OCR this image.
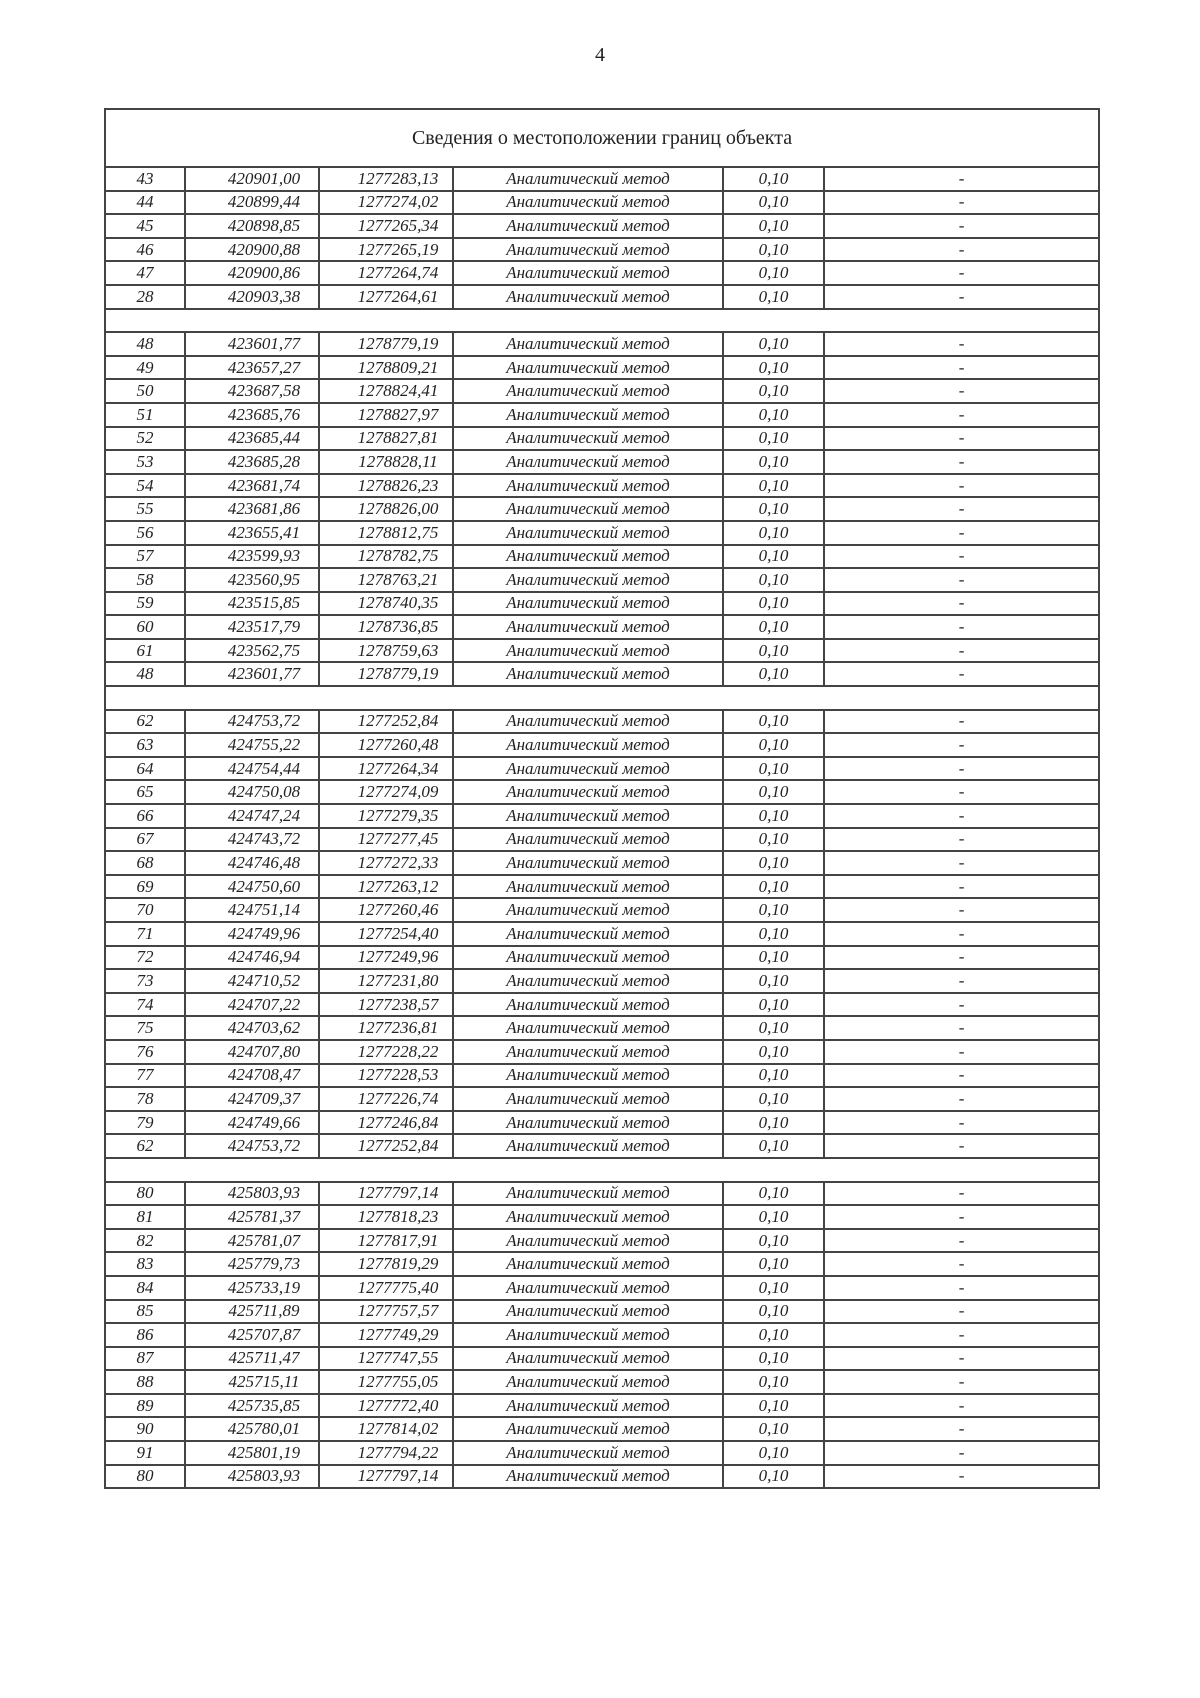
4
Сведения о местоположении границ объекта					
43	420901,00	1277283,13	Аналитический метод	0,10	-
44	420899,44	1277274,02	Аналитический метод	0,10	-
45	420898,85	1277265,34	Аналитический метод	0,10	-
46	420900,88	1277265,19	Аналитический метод	0,10	-
47	420900,86	1277264,74	Аналитический метод	0,10	-
28	420903,38	1277264,61	Аналитический метод	0,10	-

48	423601,77	1278779,19	Аналитический метод	0,10	-
49	423657,27	1278809,21	Аналитический метод	0,10	-
50	423687,58	1278824,41	Аналитический метод	0,10	-
51	423685,76	1278827,97	Аналитический метод	0,10	-
52	423685,44	1278827,81	Аналитический метод	0,10	-
53	423685,28	1278828,11	Аналитический метод	0,10	-
54	423681,74	1278826,23	Аналитический метод	0,10	-
55	423681,86	1278826,00	Аналитический метод	0,10	-
56	423655,41	1278812,75	Аналитический метод	0,10	-
57	423599,93	1278782,75	Аналитический метод	0,10	-
58	423560,95	1278763,21	Аналитический метод	0,10	-
59	423515,85	1278740,35	Аналитический метод	0,10	-
60	423517,79	1278736,85	Аналитический метод	0,10	-
61	423562,75	1278759,63	Аналитический метод	0,10	-
48	423601,77	1278779,19	Аналитический метод	0,10	-

62	424753,72	1277252,84	Аналитический метод	0,10	-
63	424755,22	1277260,48	Аналитический метод	0,10	-
64	424754,44	1277264,34	Аналитический метод	0,10	-
65	424750,08	1277274,09	Аналитический метод	0,10	-
66	424747,24	1277279,35	Аналитический метод	0,10	-
67	424743,72	1277277,45	Аналитический метод	0,10	-
68	424746,48	1277272,33	Аналитический метод	0,10	-
69	424750,60	1277263,12	Аналитический метод	0,10	-
70	424751,14	1277260,46	Аналитический метод	0,10	-
71	424749,96	1277254,40	Аналитический метод	0,10	-
72	424746,94	1277249,96	Аналитический метод	0,10	-
73	424710,52	1277231,80	Аналитический метод	0,10	-
74	424707,22	1277238,57	Аналитический метод	0,10	-
75	424703,62	1277236,81	Аналитический метод	0,10	-
76	424707,80	1277228,22	Аналитический метод	0,10	-
77	424708,47	1277228,53	Аналитический метод	0,10	-
78	424709,37	1277226,74	Аналитический метод	0,10	-
79	424749,66	1277246,84	Аналитический метод	0,10	-
62	424753,72	1277252,84	Аналитический метод	0,10	-

80	425803,93	1277797,14	Аналитический метод	0,10	-
81	425781,37	1277818,23	Аналитический метод	0,10	-
82	425781,07	1277817,91	Аналитический метод	0,10	-
83	425779,73	1277819,29	Аналитический метод	0,10	-
84	425733,19	1277775,40	Аналитический метод	0,10	-
85	425711,89	1277757,57	Аналитический метод	0,10	-
86	425707,87	1277749,29	Аналитический метод	0,10	-
87	425711,47	1277747,55	Аналитический метод	0,10	-
88	425715,11	1277755,05	Аналитический метод	0,10	-
89	425735,85	1277772,40	Аналитический метод	0,10	-
90	425780,01	1277814,02	Аналитический метод	0,10	-
91	425801,19	1277794,22	Аналитический метод	0,10	-
80	425803,93	1277797,14	Аналитический метод	0,10	-
